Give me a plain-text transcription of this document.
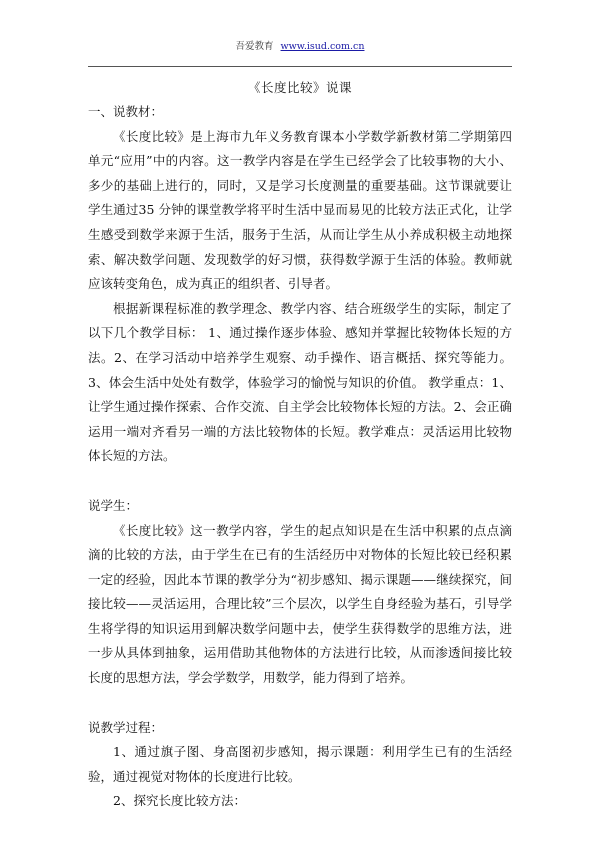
吾爱教育 www.isud.com.cn
《长度比较》说课

一、说教材：

《长度比较》是上海市九年义务教育课本小学数学新教材第二学期第四单元“应用”中的内容。这一教学内容是在学生已经学会了比较事物的大小、多少的基础上进行的，同时，又是学习长度测量的重要基础。这节课就要让学生通过35 分钟的课堂教学将平时生活中显而易见的比较方法正式化，让学生感受到数学来源于生活，服务于生活，从而让学生从小养成积极主动地探索、解决数学问题、发现数学的好习惯，获得数学源于生活的体验。教师就应该转变角色，成为真正的组织者、引导者。

根据新课程标准的教学理念、教学内容、结合班级学生的实际，制定了以下几个教学目标： 1、通过操作逐步体验、感知并掌握比较物体长短的方法。2、在学习活动中培养学生观察、动手操作、语言概括、探究等能力。3、体会生活中处处有数学，体验学习的愉悦与知识的价值。 教学重点：1、让学生通过操作探索、合作交流、自主学会比较物体长短的方法。2、会正确运用一端对齐看另一端的方法比较物体的长短。教学难点：灵活运用比较物体长短的方法。

说学生：

《长度比较》这一教学内容，学生的起点知识是在生活中积累的点点滴滴的比较的方法，由于学生在已有的生活经历中对物体的长短比较已经积累一定的经验，因此本节课的教学分为“初步感知、揭示课题——继续探究，间接比较——灵活运用，合理比较”三个层次，以学生自身经验为基石，引导学生将学得的知识运用到解决数学问题中去，使学生获得数学的思维方法，进一步从具体到抽象，运用借助其他物体的方法进行比较，从而渗透间接比较长度的思想方法，学会学数学，用数学，能力得到了培养。

说教学过程：

1、通过旗子图、身高图初步感知，揭示课题：利用学生已有的生活经验，通过视觉对物体的长度进行比较。

2、探究长度比较方法：
